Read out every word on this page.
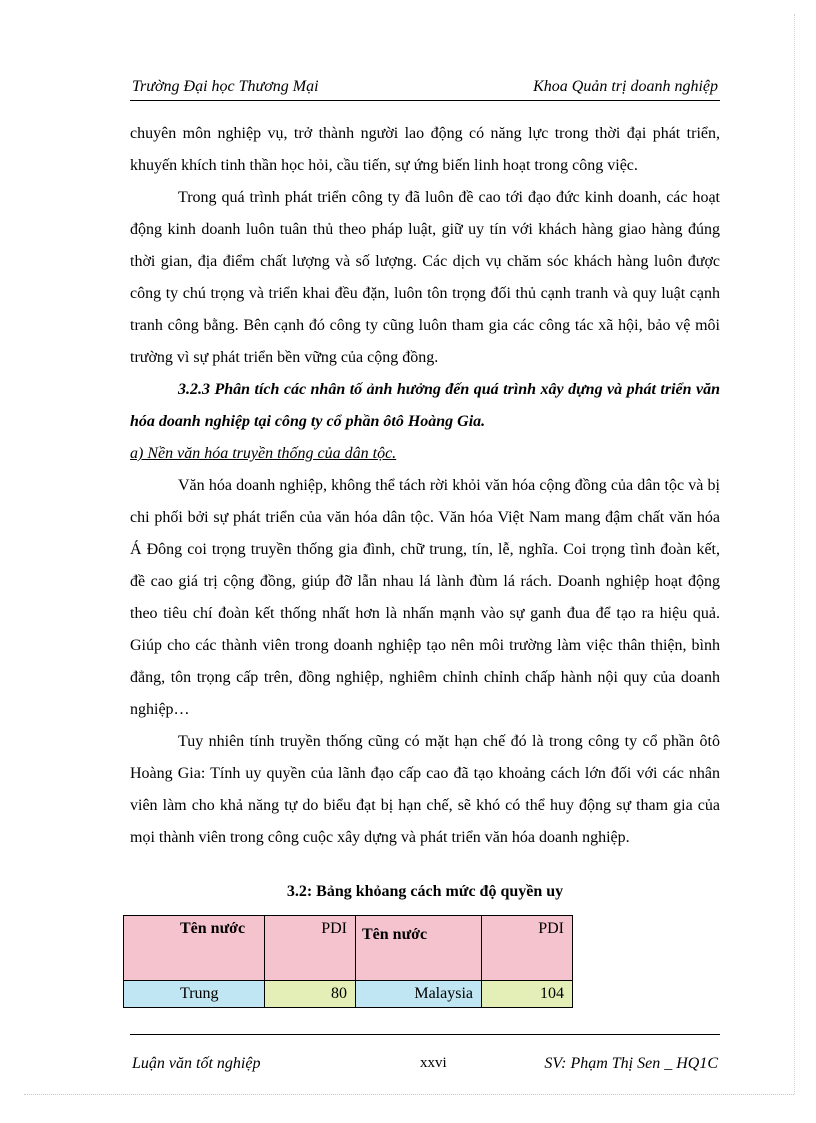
Trường Đại học Thương Mại	Khoa Quản trị doanh nghiệp

chuyên môn nghiệp vụ, trở thành người lao động có năng lực trong thời đại phát triển, khuyến khích tinh thần học hỏi, cầu tiến, sự ứng biến linh hoạt trong công việc.

Trong quá trình phát triển công ty đã luôn đề cao tới đạo đức kinh doanh, các hoạt động kinh doanh luôn tuân thủ theo pháp luật, giữ uy tín với khách hàng giao hàng đúng thời gian, địa điểm chất lượng và số lượng. Các dịch vụ chăm sóc khách hàng luôn được công ty chú trọng và triển khai đều đặn, luôn tôn trọng đối thủ cạnh tranh và quy luật cạnh tranh công bằng. Bên cạnh đó công ty cũng luôn tham gia các công tác xã hội, bảo vệ môi trường vì sự phát triển bền vững của cộng đồng.

3.2.3 Phân tích các nhân tố ảnh hưởng đến quá trình xây dựng và phát triển văn hóa doanh nghiệp tại công ty cổ phần ôtô Hoàng Gia.

a) Nền văn hóa truyền thống của dân tộc.

Văn hóa doanh nghiệp, không thể tách rời khỏi văn hóa cộng đồng của dân tộc và bị chi phối bởi sự phát triển của văn hóa dân tộc. Văn hóa Việt Nam mang đậm chất văn hóa Á Đông coi trọng truyền thống gia đình, chữ trung, tín, lễ, nghĩa. Coi trọng tình đoàn kết, đề cao giá trị cộng đồng, giúp đỡ lẫn nhau lá lành đùm lá rách. Doanh nghiệp hoạt động theo tiêu chí đoàn kết thống nhất hơn là nhấn mạnh vào sự ganh đua để tạo ra hiệu quả. Giúp cho các thành viên trong doanh nghiệp tạo nên môi trường làm việc thân thiện, bình đẳng, tôn trọng cấp trên, đồng nghiệp, nghiêm chỉnh chỉnh chấp hành nội quy của doanh nghiệp…

Tuy nhiên tính truyền thống cũng có mặt hạn chế đó là trong công ty cổ phần ôtô Hoàng Gia: Tính uy quyền của lãnh đạo cấp cao đã tạo khoảng cách lớn đối với các nhân viên làm cho khả năng tự do biểu đạt bị hạn chế, sẽ khó có thể huy động sự tham gia của mọi thành viên trong công cuộc xây dựng và phát triển văn hóa doanh nghiệp.

3.2: Bảng khỏang cách mức độ quyền uy
Tên nước	PDI	Tên nước	PDI

Trung	80	Malaysia	104
Luận văn tốt nghiệp	xxvi	SV: Phạm Thị Sen _ HQ1C
